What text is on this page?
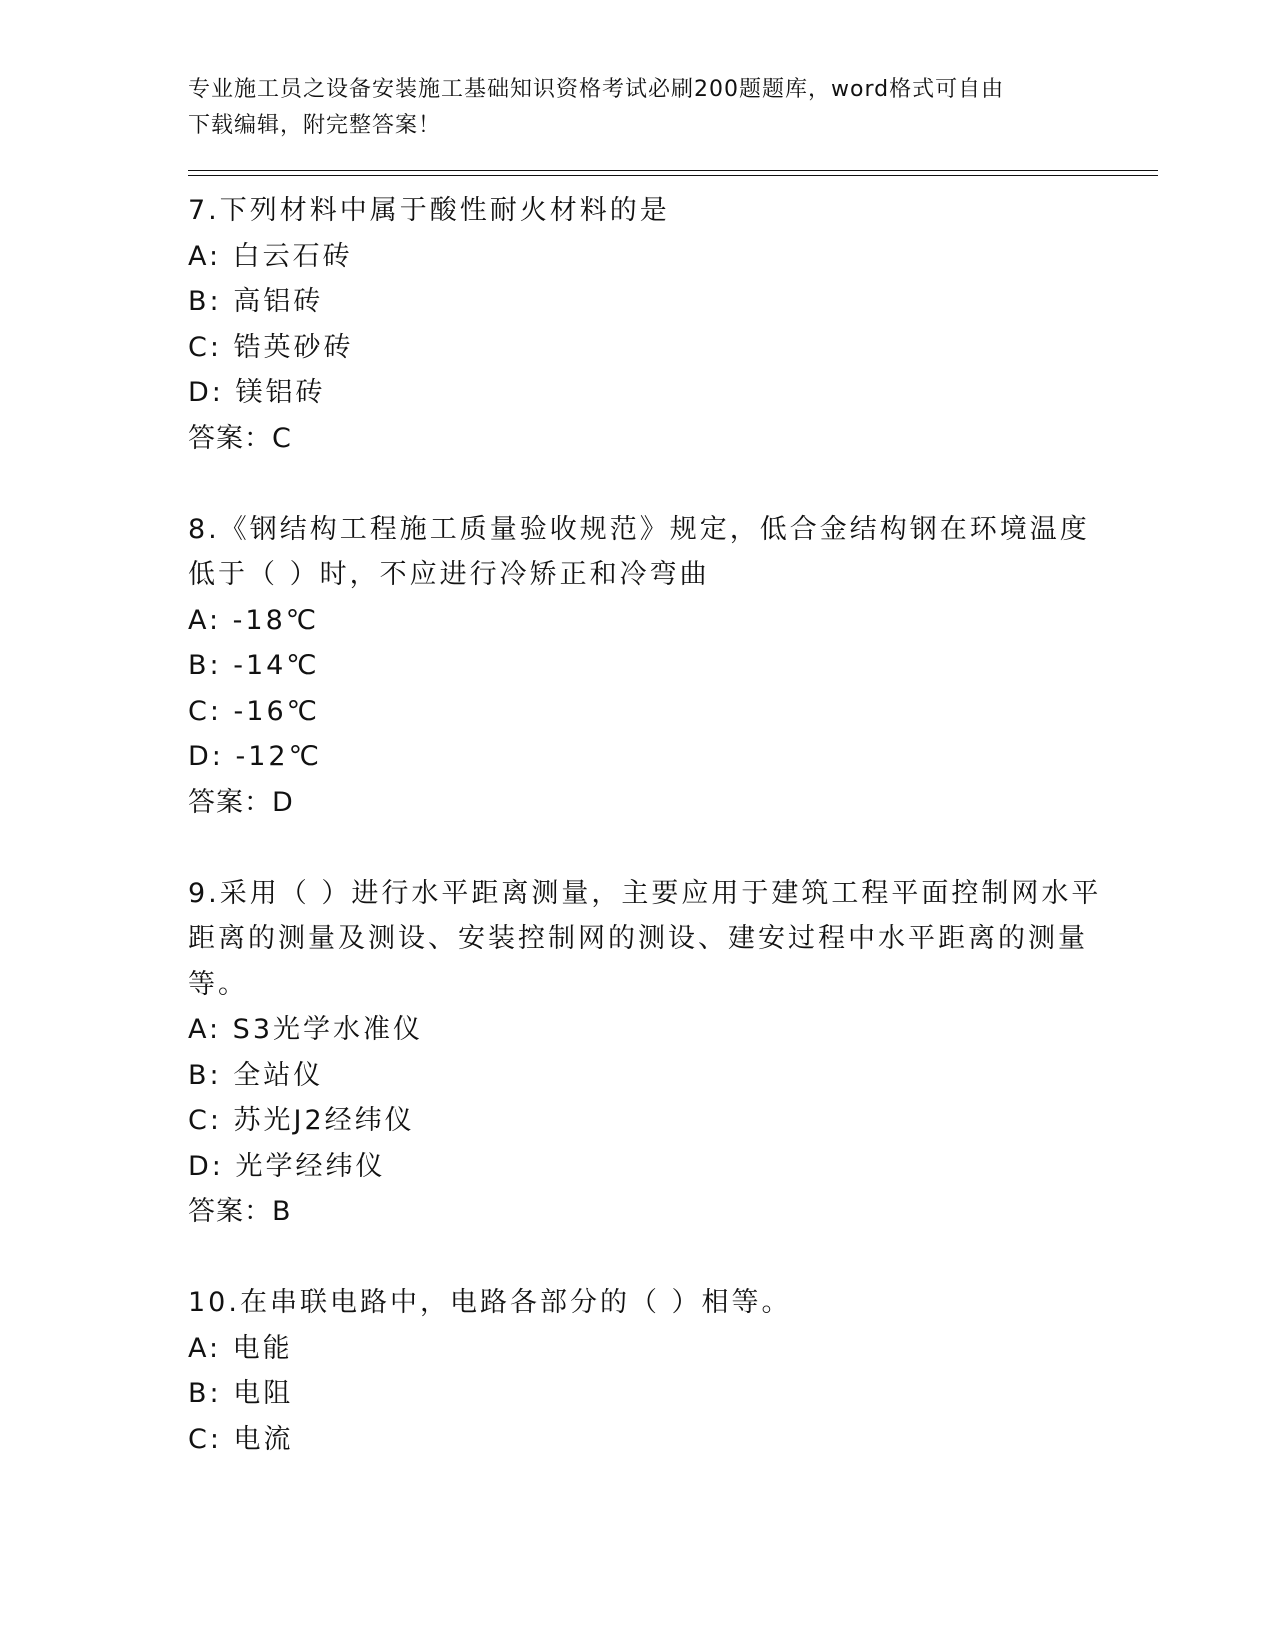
专业施工员之设备安装施工基础知识资格考试必刷200题题库，word格式可自由
下载编辑，附完整答案！
7.下列材料中属于酸性耐火材料的是
A: 白云石砖
B: 高铝砖
C: 锆英砂砖
D: 镁铝砖
答案：C
8.《钢结构工程施工质量验收规范》规定，低合金结构钢在环境温度
低于（ ）时，不应进行冷矫正和冷弯曲
A: -18℃
B: -14℃
C: -16℃
D: -12℃
答案：D
9.采用（ ）进行水平距离测量，主要应用于建筑工程平面控制网水平
距离的测量及测设、安装控制网的测设、建安过程中水平距离的测量
等。
A: S3光学水准仪
B: 全站仪
C: 苏光J2经纬仪
D: 光学经纬仪
答案：B
10.在串联电路中，电路各部分的（ ）相等。
A: 电能
B: 电阻
C: 电流
